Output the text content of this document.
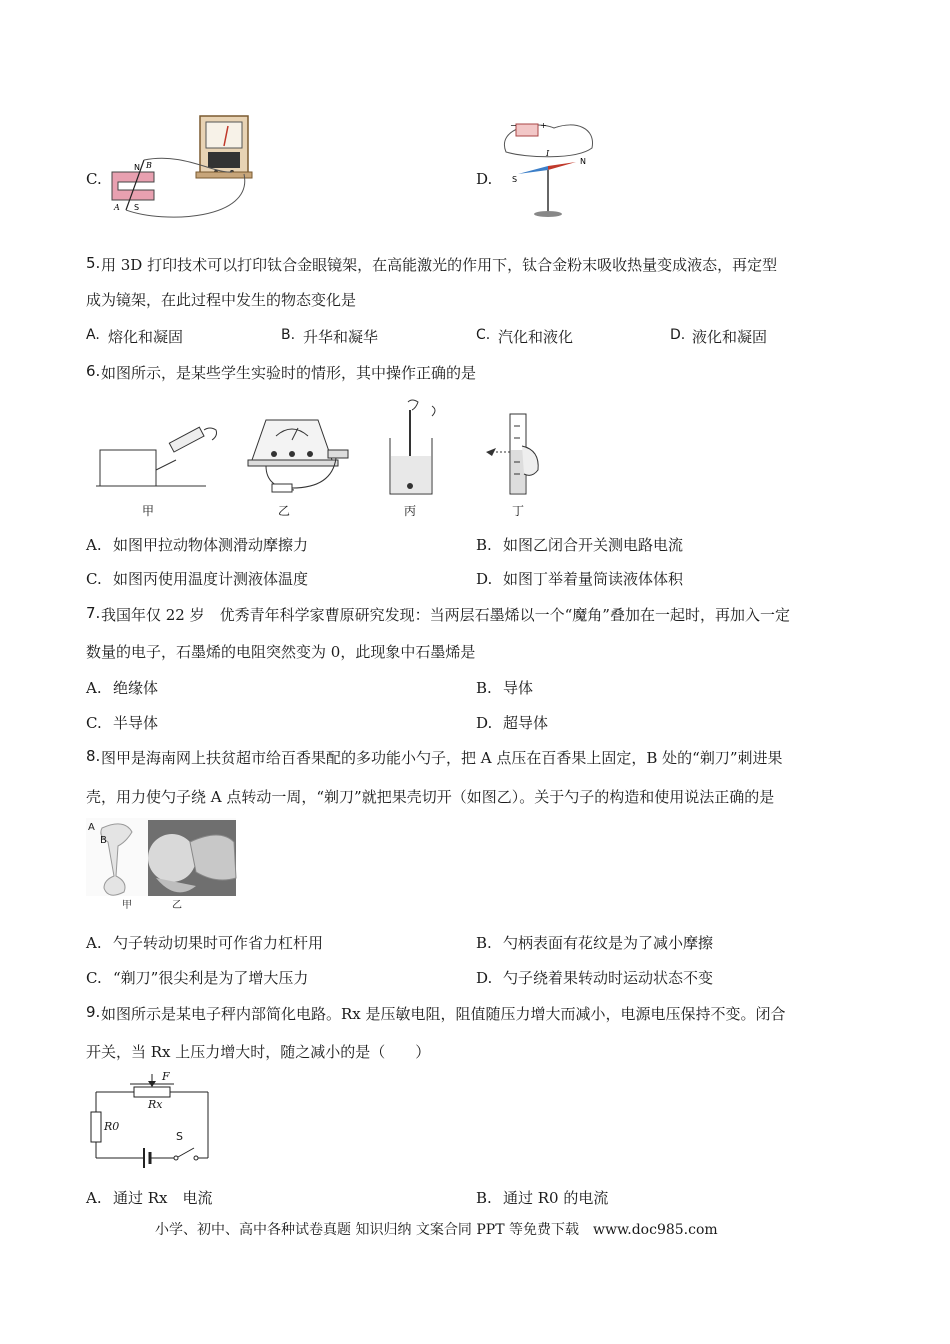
C.
N
S
B
A
D.
−	+
I
S
N
5. 用 3D 打印技术可以打印钛合金眼镜架，在高能激光的作用下，钛合金粉末吸收热量变成液态，再定型
成为镜架，在此过程中发生的物态变化是
A. 熔化和凝固	B. 升华和凝华	C. 汽化和液化	D. 液化和凝固
6. 如图所示，是某些学生实验时的情形，其中操作正确的是
甲	乙	丙	丁
A. 如图甲拉动物体测滑动摩擦力	B. 如图乙闭合开关测电路电流
C. 如图丙使用温度计测液体温度	D. 如图丁举着量筒读液体体积
7. 我国年仅 22 岁　优秀青年科学家曹原研究发现：当两层石墨烯以一个“魔角”叠加在一起时，再加入一定
数量的电子，石墨烯的电阻突然变为 0，此现象中石墨烯是
A. 绝缘体	B. 导体
C. 半导体	D. 超导体
8. 图甲是海南网上扶贫超市给百香果配的多功能小勺子，把 A 点压在百香果上固定，B 处的“剃刀”刺进果
壳，用力使勺子绕 A 点转动一周，“剃刀”就把果壳切开（如图乙）。关于勺子的构造和使用说法正确的是
A
B
甲	乙
A. 勺子转动切果时可作省力杠杆用	B. 勺柄表面有花纹是为了减小摩擦
C. “剃刀”很尖利是为了增大压力	D. 勺子绕着果转动时运动状态不变
9. 如图所示是某电子秤内部简化电路。Rx 是压敏电阻，阻值随压力增大而减小，电源电压保持不变。闭合
开关，当 Rx 上压力增大时，随之减小的是（　　）
F
Rx
R0
S
A. 通过 Rx　电流	B. 通过 R0 的电流
小学、初中、高中各种试卷真题 知识归纳 文案合同 PPT 等免费下载　www.doc985.com
